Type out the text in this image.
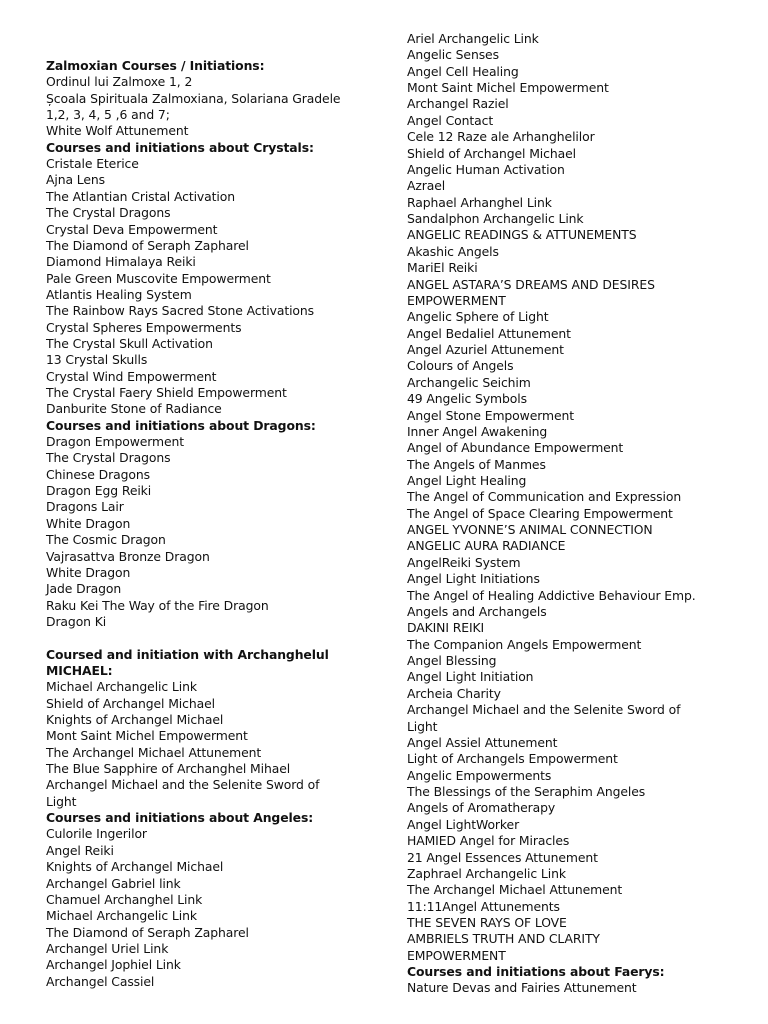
Zalmoxian Courses / Initiations:
Ordinul lui Zalmoxe 1, 2
Școala Spirituala Zalmoxiana, Solariana Gradele
1,2, 3, 4, 5 ,6 and 7;
White Wolf Attunement
Courses and initiations about Crystals:
Cristale Eterice
Ajna Lens
The Atlantian Cristal Activation
The Crystal Dragons
Crystal Deva Empowerment
The Diamond of Seraph Zapharel
Diamond Himalaya Reiki
Pale Green Muscovite Empowerment
Atlantis Healing System
The Rainbow Rays Sacred Stone Activations
Crystal Spheres Empowerments
The Crystal Skull Activation
13 Crystal Skulls
Crystal Wind Empowerment
The Crystal Faery Shield Empowerment
Danburite Stone of Radiance
Courses and initiations about Dragons:
Dragon Empowerment
The Crystal Dragons
Chinese Dragons
Dragon Egg Reiki
Dragons Lair
White Dragon
The Cosmic Dragon
Vajrasattva Bronze Dragon
White Dragon
Jade Dragon
Raku Kei The Way of the Fire Dragon
Dragon Ki
Coursed and initiation with Archanghelul
MICHAEL:
Michael Archangelic Link
Shield of Archangel Michael
Knights of Archangel Michael
Mont Saint Michel Empowerment
The Archangel Michael Attunement
The Blue Sapphire of Archanghel Mihael
Archangel Michael and the Selenite Sword of
Light
Courses and initiations about Angeles:
Culorile Ingerilor
Angel Reiki
Knights of Archangel Michael
Archangel Gabriel link
Chamuel Archanghel Link
Michael Archangelic Link
The Diamond of Seraph Zapharel
Archangel Uriel Link
Archangel Jophiel Link
Archangel Cassiel
Ariel Archangelic Link
Angelic Senses
Angel Cell Healing
Mont Saint Michel Empowerment
Archangel Raziel
Angel Contact
Cele 12 Raze ale Arhanghelilor
Shield of Archangel Michael
Angelic Human Activation
Azrael
Raphael Arhanghel Link
Sandalphon Archangelic Link
ANGELIC READINGS & ATTUNEMENTS
Akashic Angels
MariEl Reiki
ANGEL ASTARA’S DREAMS AND DESIRES
EMPOWERMENT
Angelic Sphere of Light
Angel Bedaliel Attunement
Angel Azuriel Attunement
Colours of Angels
Archangelic Seichim
49 Angelic Symbols
Angel Stone Empowerment
Inner Angel Awakening
Angel of Abundance Empowerment
The Angels of Manmes
Angel Light Healing
The Angel of Communication and Expression
The Angel of Space Clearing Empowerment
ANGEL YVONNE’S ANIMAL CONNECTION
ANGELIC AURA RADIANCE
AngelReiki System
Angel Light Initiations
The Angel of Healing Addictive Behaviour Emp.
Angels and Archangels
DAKINI REIKI
The Companion Angels Empowerment
Angel Blessing
Angel Light Initiation
Archeia Charity
Archangel Michael and the Selenite Sword of
Light
Angel Assiel Attunement
Light of Archangels Empowerment
Angelic Empowerments
The Blessings of the Seraphim Angeles
Angels of Aromatherapy
Angel LightWorker
HAMIED Angel for Miracles
21 Angel Essences Attunement
Zaphrael Archangelic Link
The Archangel Michael Attunement
11:11Angel Attunements
THE SEVEN RAYS OF LOVE
AMBRIELS TRUTH AND CLARITY
EMPOWERMENT
Courses and initiations about Faerys:
Nature Devas and Fairies Attunement
